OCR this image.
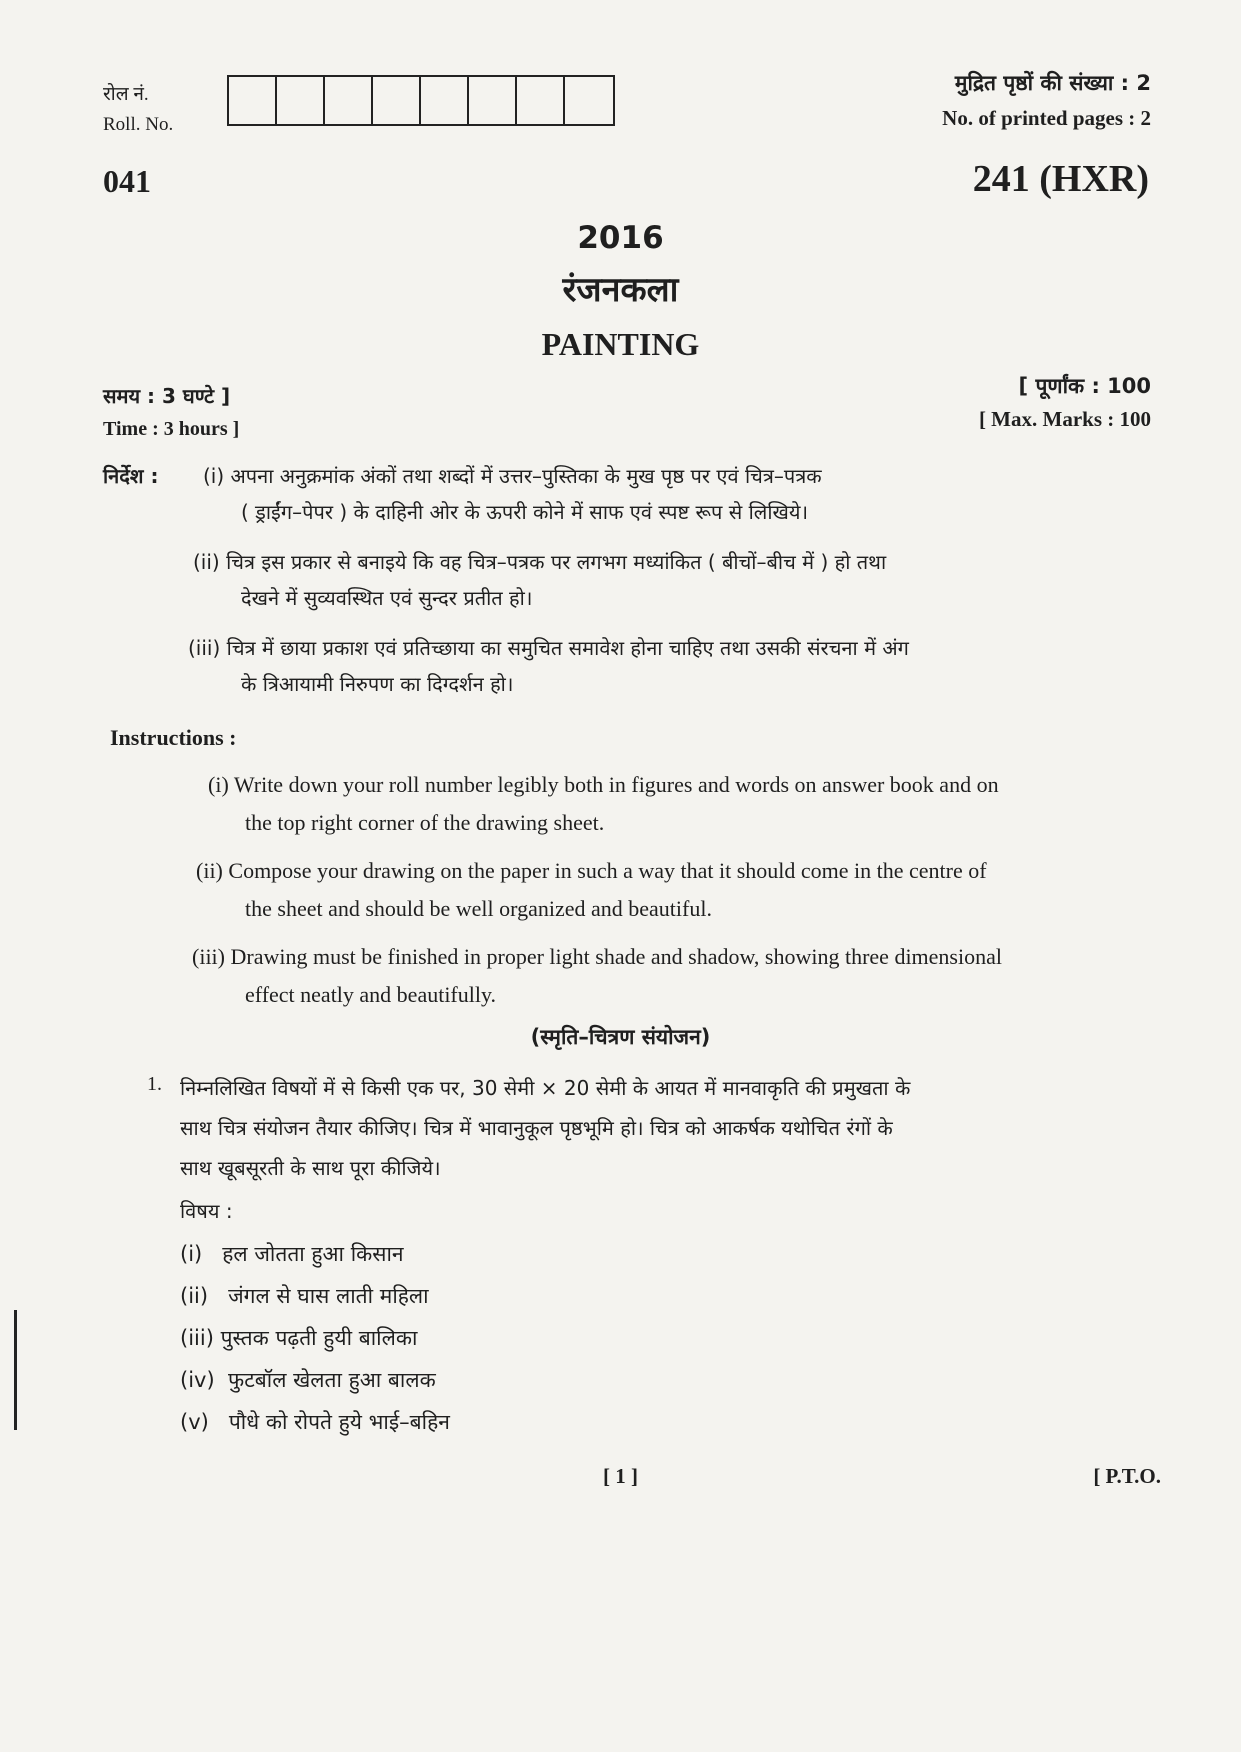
रोल नं.
Roll. No.
मुद्रित पृष्ठों की संख्या : 2
No. of printed pages : 2
041	241 (HXR)
2016
रंजनकला
PAINTING
समय : 3 घण्टे ]
Time : 3 hours ]
[ पूर्णांक : 100
[ Max. Marks : 100
निर्देश : (i) अपना अनुक्रमांक अंकों तथा शब्दों में उत्तर–पुस्तिका के मुख पृष्ठ पर एवं चित्र–पत्रक
( ड्राईंग–पेपर ) के दाहिनी ओर के ऊपरी कोने में साफ एवं स्पष्ट रूप से लिखिये।
(ii) चित्र इस प्रकार से बनाइये कि वह चित्र–पत्रक पर लगभग मध्यांकित ( बीचों–बीच में ) हो तथा
देखने में सुव्यवस्थित एवं सुन्दर प्रतीत हो।
(iii) चित्र में छाया प्रकाश एवं प्रतिच्छाया का समुचित समावेश होना चाहिए तथा उसकी संरचना में अंग
के त्रिआयामी निरुपण का दिग्दर्शन हो।
Instructions :
(i) Write down your roll number legibly both in figures and words on answer book and on
the top right corner of the drawing sheet.
(ii) Compose your drawing on the paper in such a way that it should come in the centre of
the sheet and should be well organized and beautiful.
(iii) Drawing must be finished in proper light shade and shadow, showing three dimensional
effect neatly and beautifully.
(स्मृति–चित्रण संयोजन)
1. निम्नलिखित विषयों में से किसी एक पर, 30 सेमी × 20 सेमी के आयत में मानवाकृति की प्रमुखता के
साथ चित्र संयोजन तैयार कीजिए। चित्र में भावानुकूल पृष्ठभूमि हो। चित्र को आकर्षक यथोचित रंगों के
साथ खूबसूरती के साथ पूरा कीजिये।
विषय :
(i) हल जोतता हुआ किसान
(ii) जंगल से घास लाती महिला
(iii) पुस्तक पढ़ती हुयी बालिका
(iv) फुटबॉल खेलता हुआ बालक
(v) पौधे को रोपते हुये भाई–बहिन
[ 1 ]	[ P.T.O.
